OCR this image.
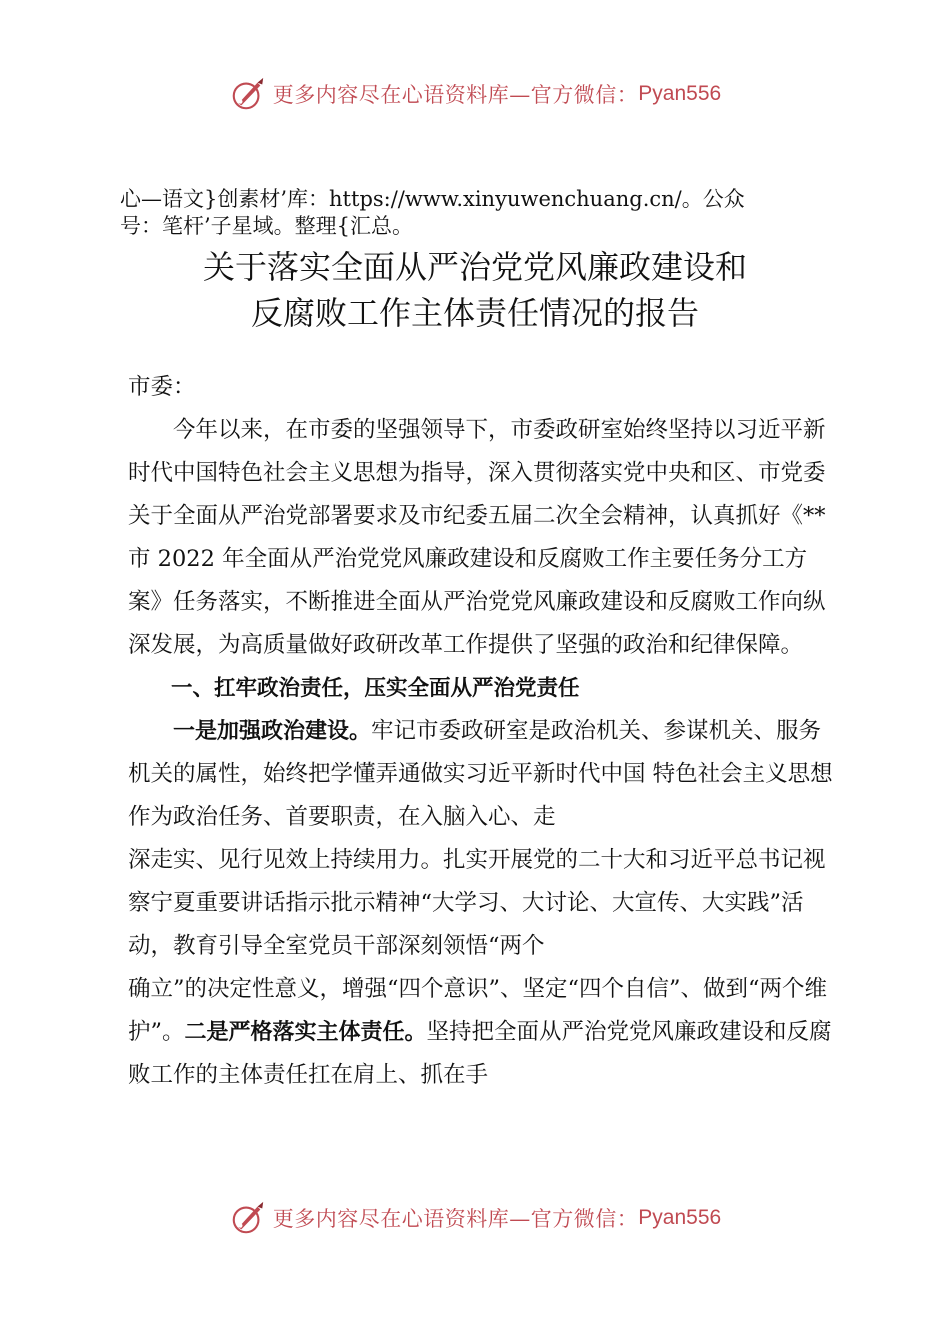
更多内容尽在心语资料库—官方微信： Pyan556
心—语文}创素材’库：https://www.xinyuwenchuang.cn/。公众
号：笔杆’子星域。整理{汇总。
关于落实全面从严治党党风廉政建设和
反腐败工作主体责任情况的报告

市委：

今年以来，在市委的坚强领导下，市委政研室始终坚持以习近平新时代中国特色社会主义思想为指导，深入贯彻落实党中央和区、市党委关于全面从严治党部署要求及市纪委五届二次全会精神，认真抓好《**市 2022 年全面从严治党党风廉政建设和反腐败工作主要任务分工方案》任务落实，不断推进全面从严治党党风廉政建设和反腐败工作向纵深发展，为高质量做好政研改革工作提供了坚强的政治和纪律保障。

一、扛牢政治责任，压实全面从严治党责任

一是加强政治建设。牢记市委政研室是政治机关、参谋机关、服务机关的属性，始终把学懂弄通做实习近平新时代中国 特色社会主义思想作为政治任务、首要职责，在入脑入心、走

深走实、见行见效上持续用力。扎实开展党的二十大和习近平总书记视察宁夏重要讲话指示批示精神“大学习、大讨论、大宣传、大实践”活动，教育引导全室党员干部深刻领悟“两个

确立”的决定性意义，增强“四个意识”、坚定“四个自信”、做到“两个维护”。二是严格落实主体责任。坚持把全面从严治党党风廉政建设和反腐败工作的主体责任扛在肩上、抓在手

更多内容尽在心语资料库—官方微信： Pyan556
